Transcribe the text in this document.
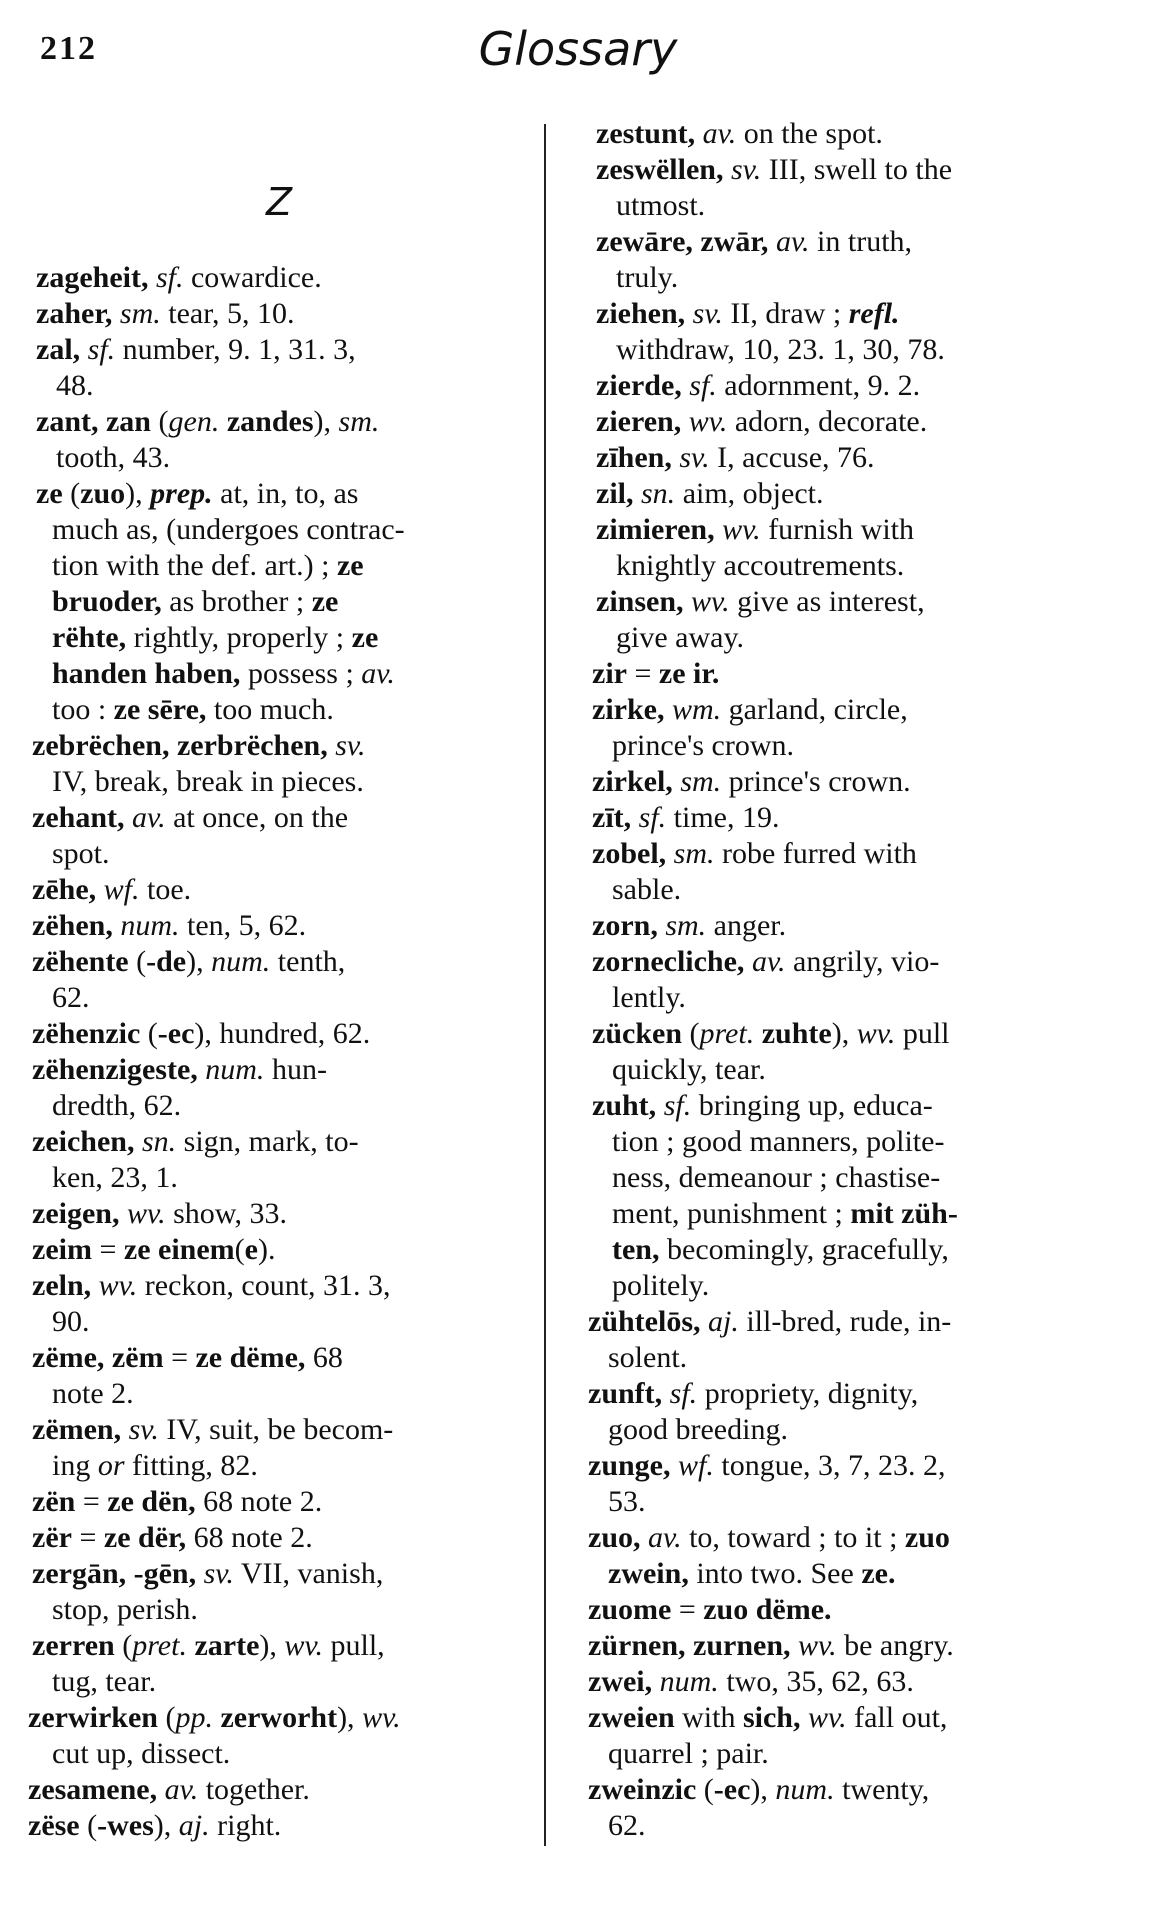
212	Glossary
Z
zageheit, sf. cowardice.
zaher, sm. tear, 5, 10.
zal, sf. number, 9. 1, 31. 3,
48.
zant, zan (gen. zandes), sm.
tooth, 43.
ze (zuo), prep. at, in, to, as
much as, (undergoes contrac-
tion with the def. art.) ; ze
bruoder, as brother ; ze
rëhte, rightly, properly ; ze
handen haben, possess ; av.
too : ze sēre, too much.
zebrëchen, zerbrëchen, sv.
IV, break, break in pieces.
zehant, av. at once, on the
spot.
zēhe, wf. toe.
zëhen, num. ten, 5, 62.
zëhente (-de), num. tenth,
62.
zëhenzic (-ec), hundred, 62.
zëhenzigeste, num. hun-
dredth, 62.
zeichen, sn. sign, mark, to-
ken, 23, 1.
zeigen, wv. show, 33.
zeim = ze einem(e).
zeln, wv. reckon, count, 31. 3,
90.
zëme, zëm = ze dëme, 68
note 2.
zëmen, sv. IV, suit, be becom-
ing or fitting, 82.
zën = ze dën, 68 note 2.
zër = ze dër, 68 note 2.
zergān, -gēn, sv. VII, vanish,
stop, perish.
zerren (pret. zarte), wv. pull,
tug, tear.
zerwirken (pp. zerworht), wv.
cut up, dissect.
zesamene, av. together.
zëse (-wes), aj. right.
zestunt, av. on the spot.
zeswëllen, sv. III, swell to the
utmost.
zewāre, zwār, av. in truth,
truly.
ziehen, sv. II, draw ; refl.
withdraw, 10, 23. 1, 30, 78.
zierde, sf. adornment, 9. 2.
zieren, wv. adorn, decorate.
zīhen, sv. I, accuse, 76.
zil, sn. aim, object.
zimieren, wv. furnish with
knightly accoutrements.
zinsen, wv. give as interest,
give away.
zir = ze ir.
zirke, wm. garland, circle,
prince's crown.
zirkel, sm. prince's crown.
zīt, sf. time, 19.
zobel, sm. robe furred with
sable.
zorn, sm. anger.
zornecliche, av. angrily, vio-
lently.
zücken (pret. zuhte), wv. pull
quickly, tear.
zuht, sf. bringing up, educa-
tion ; good manners, polite-
ness, demeanour ; chastise-
ment, punishment ; mit züh-
ten, becomingly, gracefully,
politely.
zühtelōs, aj. ill-bred, rude, in-
solent.
zunft, sf. propriety, dignity,
good breeding.
zunge, wf. tongue, 3, 7, 23. 2,
53.
zuo, av. to, toward ; to it ; zuo
zwein, into two. See ze.
zuome = zuo dëme.
zürnen, zurnen, wv. be angry.
zwei, num. two, 35, 62, 63.
zweien with sich, wv. fall out,
quarrel ; pair.
zweinzic (-ec), num. twenty,
62.
